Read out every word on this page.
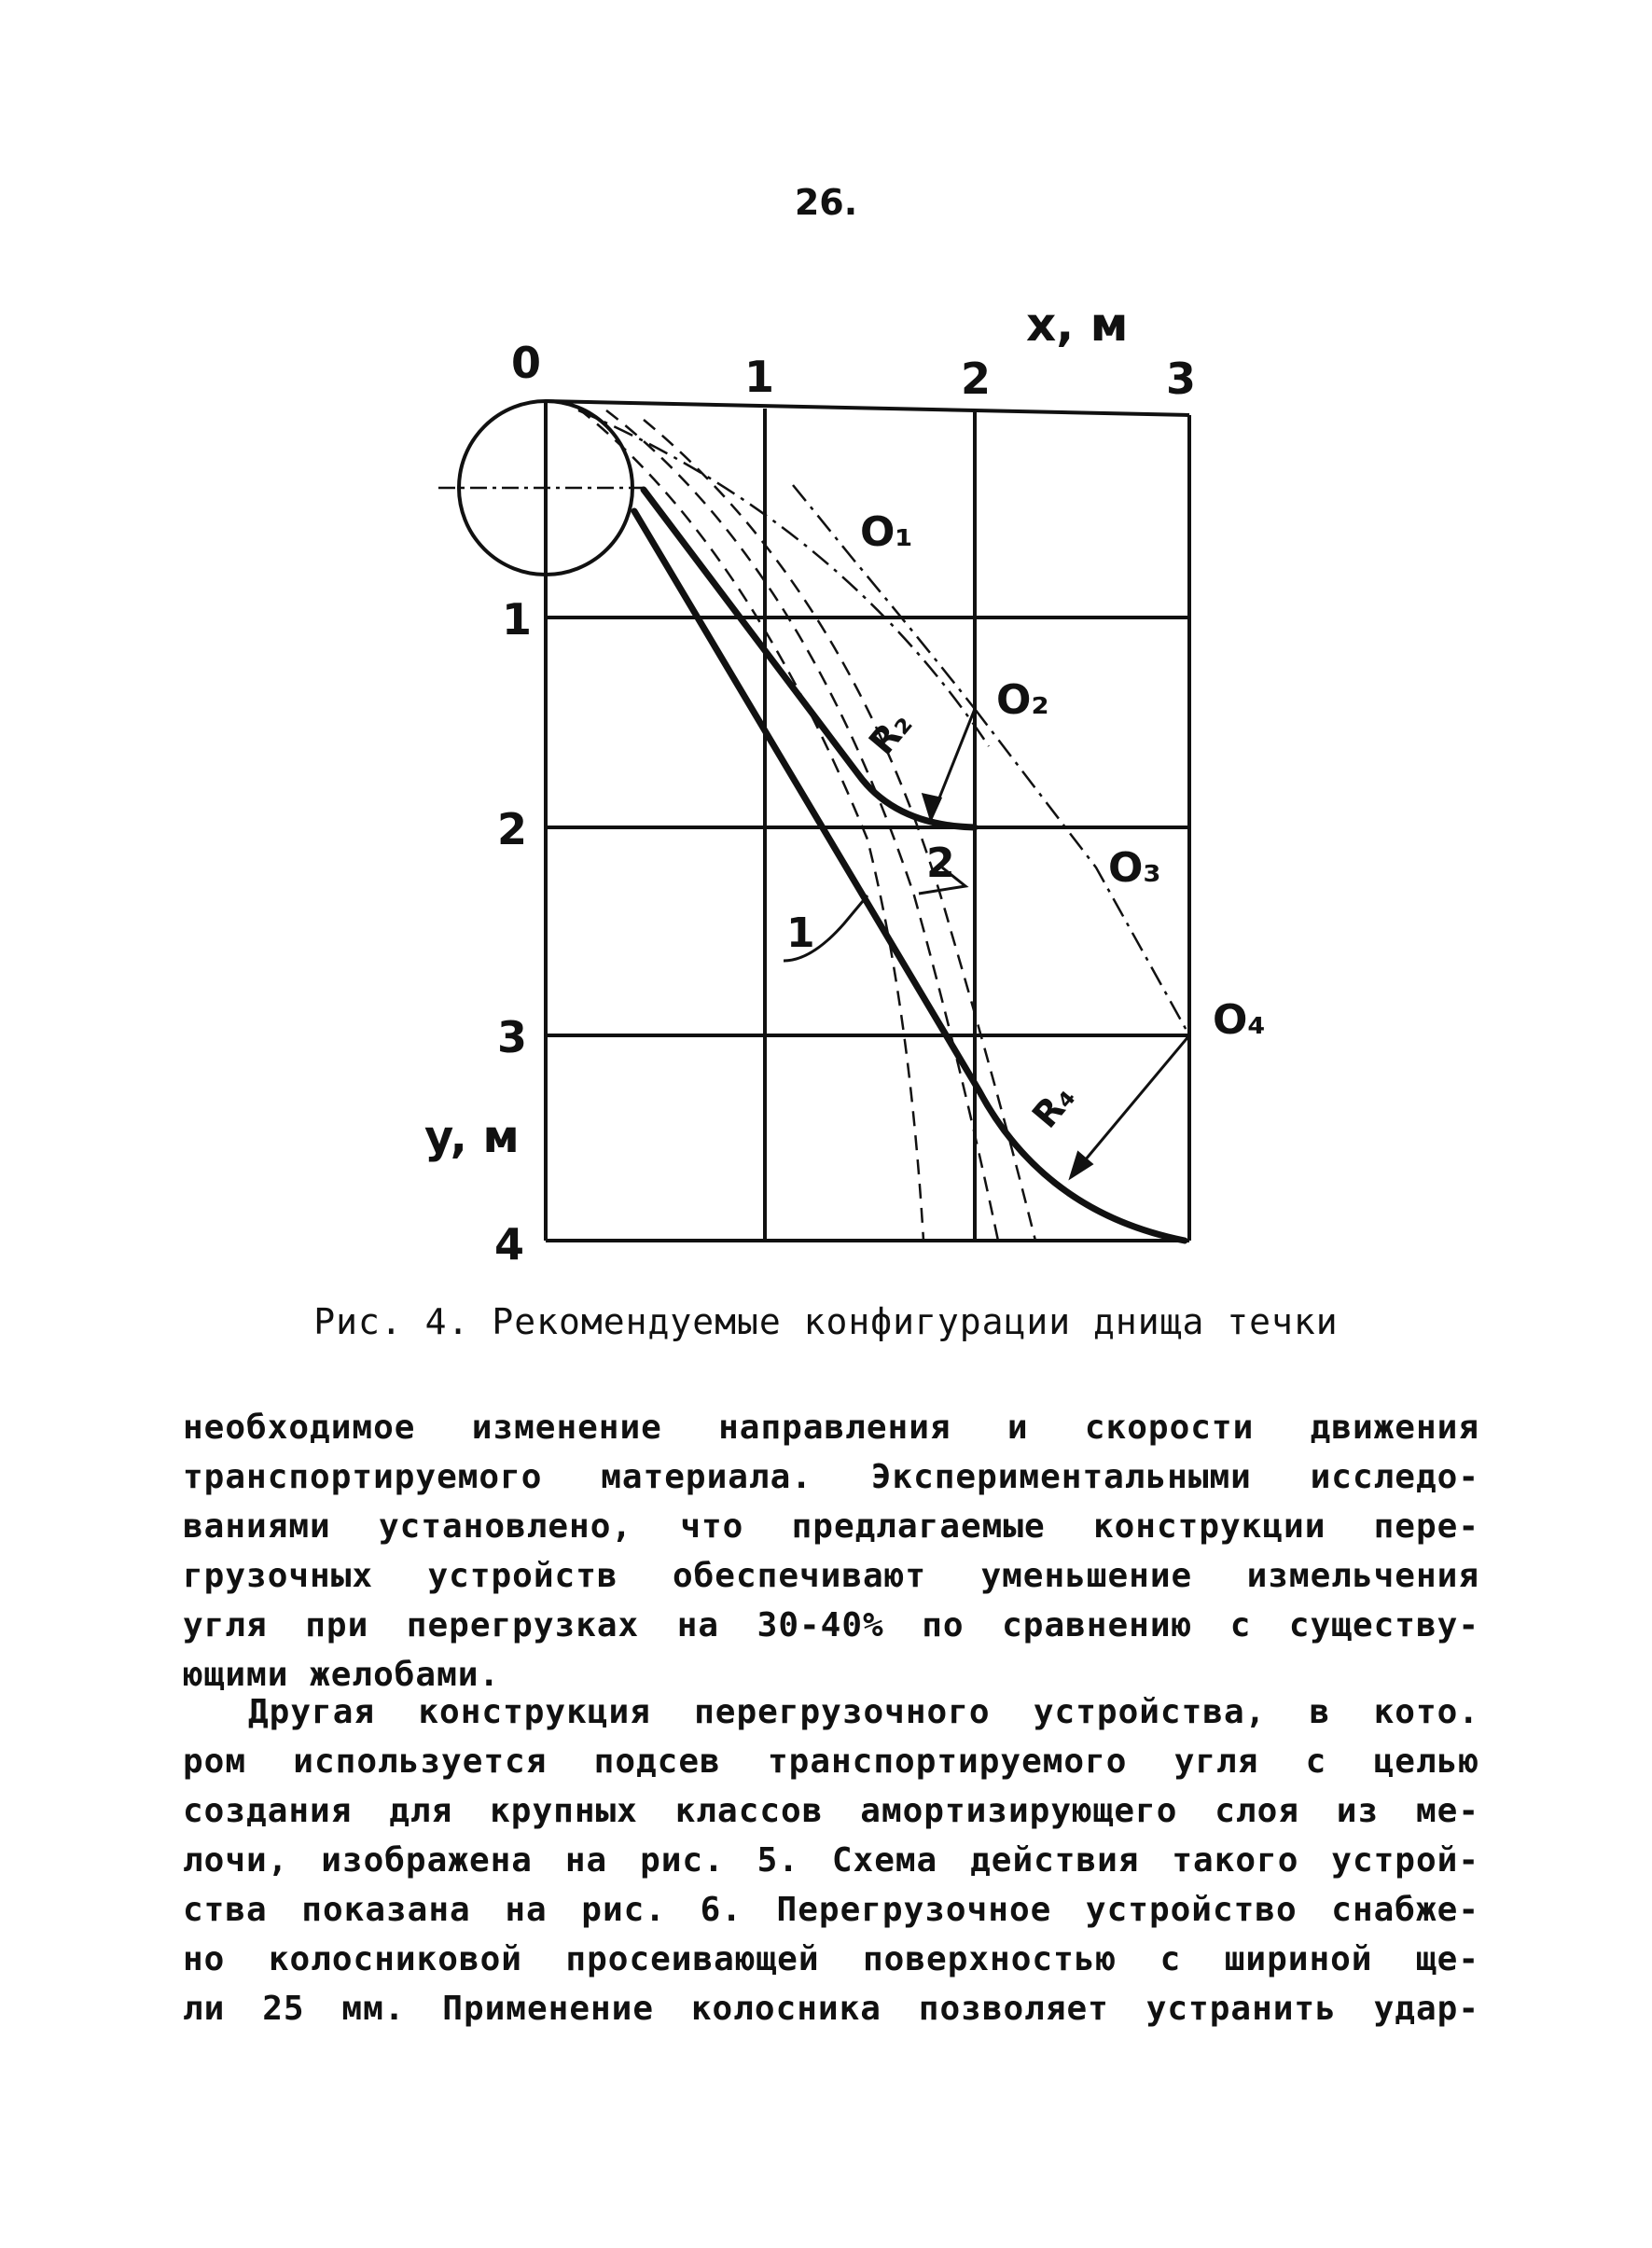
26.
0	1	2	3
x, м
1
2
3
4
y, м
O₁
O₂
O₃
O₄
R₂
R₄
1
2
Рис. 4. Рекомендуемые конфигурации днища течки
необходимое изменение направления и скорости движения
транспортируемого материала. Экспериментальными исследо-
ваниями установлено, что предлагаемые конструкции пере-
грузочных устройств обеспечивают уменьшение измельчения
угля при перегрузках на 30-40% по сравнению с существу-
ющими желобами.
Другая конструкция перегрузочного устройства, в кото.
ром используется подсев транспортируемого угля с целью
создания для крупных классов амортизирующего слоя из ме-
лочи, изображена на рис. 5. Схема действия такого устрой-
ства показана на рис. 6. Перегрузочное устройство снабже-
но колосниковой просеивающей поверхностью с шириной ще-
ли 25 мм. Применение колосника позволяет устранить удар-
